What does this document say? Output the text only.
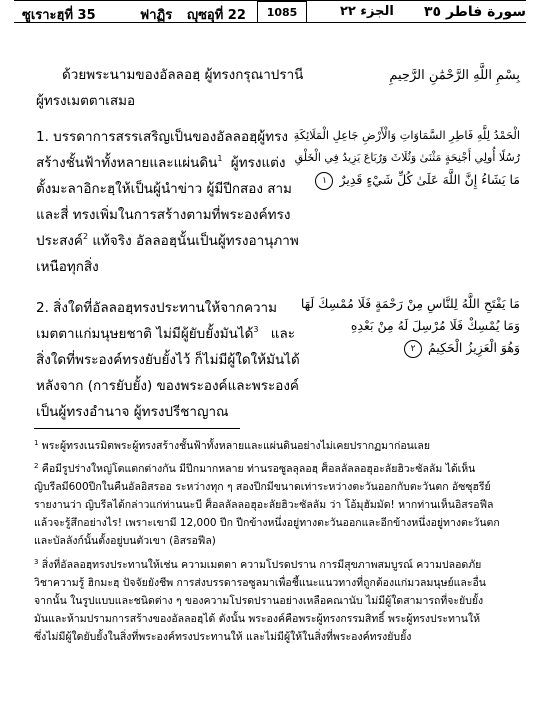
ซูเราะฮฺที่ 35	ฟาฏิร ญุซอุที่ 22	1085	الجزء ٢٢ سورة فاطر ٣٥
ด้วยพระนามของอัลลอฮฺ ผู้ทรงกรุณาปรานี
ผู้ทรงเมตตาเสมอ
بِسْمِ اللَّهِ الرَّحْمَٰنِ الرَّحِيمِ
1. บรรดาการสรรเสริญเป็นของอัลลอฮฺผู้ทรง
สร้างชั้นฟ้าทั้งหลายและแผ่นดิน$^1$ ผู้ทรงแต่ง
ตั้งมะลาอิกะฮฺให้เป็นผู้นำข่าว ผู้มีปีกสอง สาม
และสี่ ทรงเพิ่มในการสร้างตามที่พระองค์ทรง
ประสงค์$^2$ แท้จริง อัลลอฮฺนั้นเป็นผู้ทรงอานุภาพ
เหนือทุกสิ่ง
الْحَمْدُ لِلَّهِ فَاطِرِ السَّمَاوَاتِ وَالْأَرْضِ جَاعِلِ الْمَلَائِكَةِ
رُسُلًا أُولِي أَجْنِحَةٍ مَثْنَىٰ وَثُلَاثَ وَرُبَاعَ يَزِيدُ فِي الْخَلْقِ
مَا يَشَاءُ إِنَّ اللَّهَ عَلَىٰ كُلِّ شَيْءٍ قَدِيرٌ ١
2. สิ่งใดที่อัลลอฮฺทรงประทานให้จากความ
เมตตาแก่มนุษยชาติ ไม่มีผู้ยับยั้งมันได้$^3$ และ
สิ่งใดที่พระองค์ทรงยับยั้งไว้ ก็ไม่มีผู้ใดให้มันได้
หลังจาก (การยับยั้ง) ของพระองค์และพระองค์
เป็นผู้ทรงอำนาจ ผู้ทรงปรีชาญาณ
مَا يَفْتَحِ اللَّهُ لِلنَّاسِ مِنْ رَحْمَةٍ فَلَا مُمْسِكَ لَهَا
وَمَا يُمْسِكْ فَلَا مُرْسِلَ لَهُ مِنْ بَعْدِهِ
وَهُوَ الْعَزِيزُ الْحَكِيمُ ٢
$^1$ พระผู้ทรงเนรมิตพระผู้ทรงสร้างชั้นฟ้าทั้งหลายและแผ่นดินอย่างไม่เคยปรากฏมาก่อนเลย
$^2$ คือมีรูปร่างใหญ่โตแตกต่างกัน มีปีกมากหลาย ท่านรอซูลลุลอฮฺ ศ็อลลัลลอฮุอะลัยฮิวะซัลลัม ได้เห็น
ญิบรีลมี600ปีกในคืนอัลอิสรออ ระหว่างทุก ๆ สองปีกมีขนาดเท่าระหว่างตะวันออกกับตะวันตก อัซซุฮรีย์
รายงานว่า ญิบรีลได้กล่าวแก่ท่านนะบี ศ็อลลัลลอฮุอะลัยฮิวะซัลลัม ว่า โอ้มุฮัมมัด! หากท่านเห็นอิสรอฟีล
แล้วจะรู้สึกอย่างไร! เพราะเขามี 12,000 ปีก ปีกข้างหนึ่งอยู่ทางตะวันออกและอีกข้างหนึ่งอยู่ทางตะวันตก
และบัลลังก์นั้นตั้งอยู่บนตัวเขา (อิสรอฟีล)
$^3$ สิ่งที่อัลลอฮฺทรงประทานให้เช่น ความเมตตา ความโปรดปราน การมีสุขภาพสมบูรณ์ ความปลอดภัย
วิชาความรู้ ฮิกมะฮฺ ปัจจัยยังชีพ การส่งบรรดารอซูลมาเพื่อชี้แนะแนวทางที่ถูกต้องแก่มวลมนุษย์และอื่น
จากนั้น ในรูปแบบและชนิดต่าง ๆ ของความโปรดปรานอย่างเหลือคณานับ ไม่มีผู้ใดสามารถที่จะยับยั้ง
มันและห้ามปรามการสร้างของอัลลอฮฺได้ ดังนั้น พระองค์คือพระผู้ทรงกรรมสิทธิ์ พระผู้ทรงประทานให้
ซึ่งไม่มีผู้ใดยับยั้งในสิ่งที่พระองค์ทรงประทานให้ และไม่มีผู้ให้ในสิ่งที่พระองค์ทรงยับยั้ง
